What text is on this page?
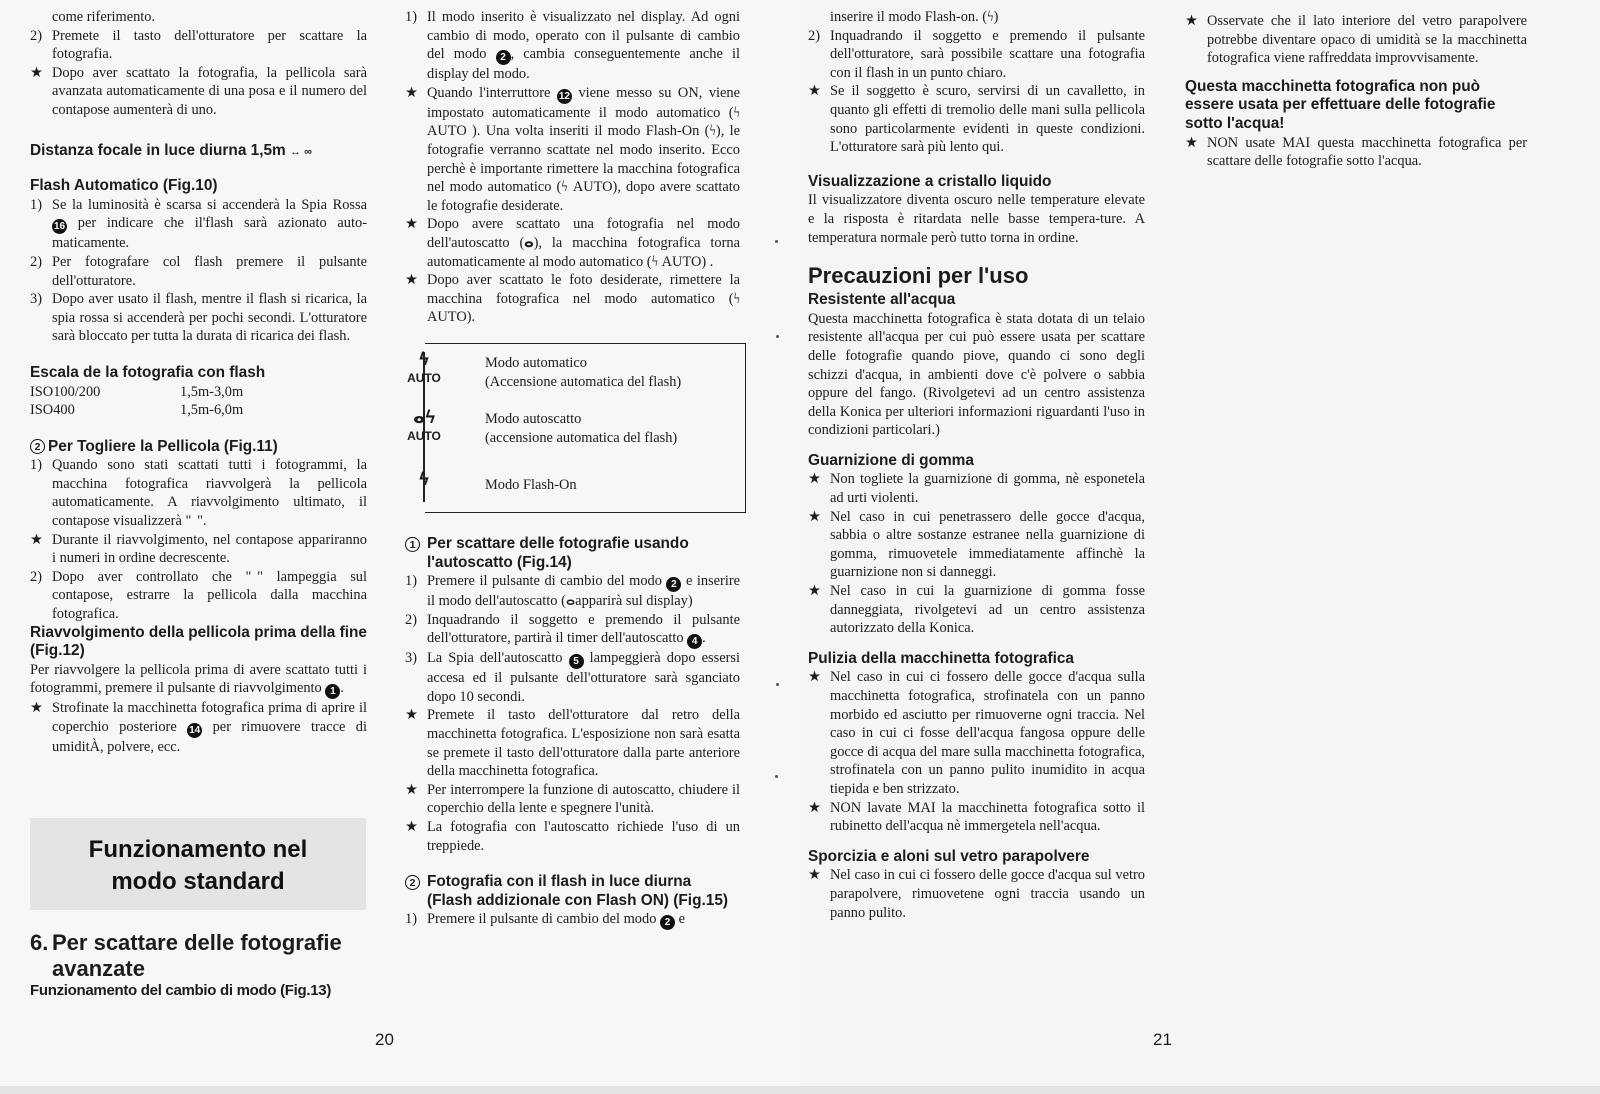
come riferimento.

2) Premete il tasto dell'otturatore per scattare la fotografia.

★ Dopo aver scattato la fotografia, la pellicola sarà avanzata automaticamente di una posa e il numero del contapose aumenterà di uno.

Distanza focale in luce diurna 1,5m ↔ ∞

Flash Automatico (Fig.10)

1) Se la luminosità è scarsa si accenderà la Spia Rossa 16 per indicare che il'flash sarà azionato auto-maticamente.

2) Per fotografare col flash premere il pulsante dell'otturatore.

3) Dopo aver usato il flash, mentre il flash si ricarica, la spia rossa si accenderà per pochi secondi. L'otturatore sarà bloccato per tutta la durata di ricarica dei flash.

Escala de la fotografia con flash

ISO100/200	1,5m-3,0m
ISO400	1,5m-6,0m

2 Per Togliere la Pellicola (Fig.11)

1) Quando sono stati scattati tutti i fotogrammi, la macchina fotografica riavvolgerà la pellicola automaticamente. A riavvolgimento ultimato, il contapose visualizzerà "  ".

★ Durante il riavvolgimento, nel contapose appariranno i numeri in ordine decrescente.

2) Dopo aver controllato che "  " lampeggia sul contapose, estrarre la pellicola dalla macchina fotografica.

Riavvolgimento della pellicola prima della fine (Fig.12)

Per riavvolgere la pellicola prima di avere scattato tutti i fotogrammi, premere il pulsante di riavvolgimento 1 .

★ Strofinate la macchinetta fotografica prima di aprire il coperchio posteriore 14 per rimuovere tracce di umiditÀ, polvere, ecc.

Funzionamento nel
modo standard
6. Per scattare delle fotografie avanzate
Funzionamento del cambio di modo (Fig.13)

1) Il modo inserito è visualizzato nel display. Ad ogni cambio di modo, operato con il pulsante di cambio del modo 2 , cambia conseguentemente anche il display del modo.

★ Quando l'interruttore 12 viene messo su ON, viene impostato automaticamente il modo automatico (ϟ AUTO ). Una volta inseriti il modo Flash-On (ϟ), le fotografie verranno scattate nel modo inserito. Ecco perchè è importante rimettere la macchina fotografica nel modo automatico (ϟ AUTO), dopo avere scattato le fotografie desiderate.

★ Dopo avere scattato una fotografia nel modo dell'autoscatto (ⴰ), la macchina fotografica torna automaticamente al modo automatico (ϟ AUTO) .

★ Dopo aver scattato le foto desiderate, rimettere la macchina fotografica nel modo automatico (ϟ AUTO).

ϟ
AUTO
Modo automatico
(Accensione automatica del flash)
ⴰϟ
AUTO
Modo autoscatto
(accensione automatica del flash)
ϟ	Modo Flash-On

1 Per scattare delle fotografie usando l'autoscatto (Fig.14)

1) Premere il pulsante di cambio del modo 2 e inserire il modo dell'autoscatto (ⴰapparirà sul display)

2) Inquadrando il soggetto e premendo il pulsante dell'otturatore, partirà il timer dell'autoscatto 4 .

3) La Spia dell'autoscatto 5 lampeggierà dopo essersi accesa ed il pulsante dell'otturatore sarà sganciato dopo 10 secondi.

★ Premete il tasto dell'otturatore dal retro della macchinetta fotografica. L'esposizione non sarà esatta se premete il tasto dell'otturatore dalla parte anteriore della macchinetta fotografica.

★ Per interrompere la funzione di autoscatto, chiudere il coperchio della lente e spegnere l'unità.

★ La fotografia con l'autoscatto richiede l'uso di un treppiede.

2 Fotografia con il flash in luce diurna (Flash addizionale con Flash ON) (Fig.15)

1) Premere il pulsante di cambio del modo 2 e

20

inserire il modo Flash-on. (ϟ)

2) Inquadrando il soggetto e premendo il pulsante dell'otturatore, sarà possibile scattare una fotografia con il flash in un punto chiaro.

★ Se il soggetto è scuro, servirsi di un cavalletto, in quanto gli effetti di tremolio delle mani sulla pellicola sono particolarmente evidenti in queste condizioni. L'otturatore sarà più lento qui.

Visualizzazione a cristallo liquido

Il visualizzatore diventa oscuro nelle temperature elevate e la risposta è ritardata nelle basse tempera-ture. A temperatura normale però tutto torna in ordine.

Precauzioni per l'uso

Resistente all'acqua

Questa macchinetta fotografica è stata dotata di un telaio resistente all'acqua per cui può essere usata per scattare delle fotografie quando piove, quando ci sono degli schizzi d'acqua, in ambienti dove c'è polvere o sabbia oppure del fango. (Rivolgetevi ad un centro assistenza della Konica per ulteriori informazioni riguardanti l'uso in condizioni particolari.)

Guarnizione di gomma

★ Non togliete la guarnizione di gomma, nè esponetela ad urti violenti.

★ Nel caso in cui penetrassero delle gocce d'acqua, sabbia o altre sostanze estranee nella guarnizione di gomma, rimuovetele immediatamente affinchè la guarnizione non si danneggi.

★ Nel caso in cui la guarnizione di gomma fosse danneggiata, rivolgetevi ad un centro assistenza autorizzato della Konica.

Pulizia della macchinetta fotografica

★ Nel caso in cui ci fossero delle gocce d'acqua sulla macchinetta fotografica, strofinatela con un panno morbido ed asciutto per rimuoverne ogni traccia. Nel caso in cui ci fosse dell'acqua fangosa oppure delle gocce di acqua del mare sulla macchinetta fotografica, strofinatela con un panno pulito inumidito in acqua tiepida e ben strizzato.

★ NON lavate MAI la macchinetta fotografica sotto il rubinetto dell'acqua nè immergetela nell'acqua.

Sporcizia e aloni sul vetro parapolvere

★ Nel caso in cui ci fossero delle gocce d'acqua sul vetro parapolvere, rimuovetene ogni traccia usando un panno pulito.

★ Osservate che il lato interiore del vetro parapolvere potrebbe diventare opaco di umidità se la macchinetta fotografica viene raffreddata improvvisamente.

Questa macchinetta fotografica non può essere usata per effettuare delle fotografie sotto l'acqua!

★ NON usate MAI questa macchinetta fotografica per scattare delle fotografie sotto l'acqua.

21
